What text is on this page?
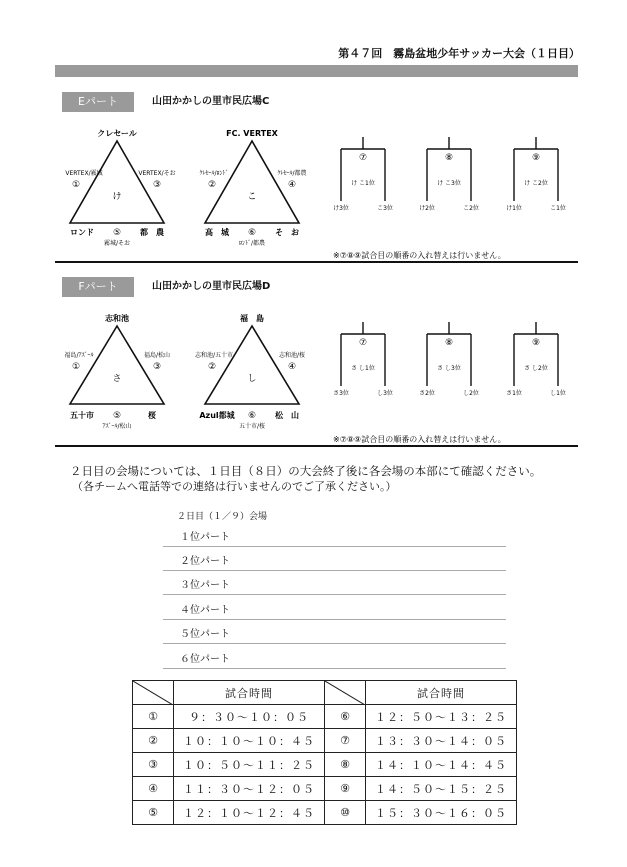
第４７回　霧島盆地少年サッカー大会（１日目）
Eパート	山田かかしの里市民広場C
クレセール
VERTEX/霧城
①
VERTEX/そお
③
け
ロンド ⑤ 都　農
霧城/そお
FC. VERTEX
ｸﾚｾｰﾙ/ﾛﾝﾄﾞ
②
ｸﾚｾｰﾙ/都農
④
こ
高　城 ⑥ そ　お
ﾛﾝﾄﾞ/都農
⑦
け こ1位
け3位	こ3位
⑧
け こ3位
け2位	こ2位
⑨
け こ2位
け1位	こ1位
※⑦⑧⑨試合目の順番の入れ替えは行いません。
Fパート	山田かかしの里市民広場D
志和池
福島/ｱｽﾞｰﾙ
①
福島/松山
③
さ
五十市 ⑤	桜
ｱｽﾞｰﾙ/松山
福　島
志和池/五十市
②
志和池/桜
④
し
Azul都城 ⑥ 松　山
五十市/桜
⑦
さ し1位
さ3位	し3位
⑧
さ し3位
さ2位	し2位
⑨
さ し2位
さ1位	し1位
※⑦⑧⑨試合目の順番の入れ替えは行いません。
２日目の会場については、１日目（８日）の大会終了後に各会場の本部にて確認ください。
（各チームへ電話等での連絡は行いませんのでご了承ください。）
２日目（１／９）会場
１位パート
２位パート
３位パート
４位パート
５位パート
６位パート
	試合時間		試合時間
①	９：３０～１０：０５	⑥	１２：５０～１３：２５
②	１０：１０～１０：４５	⑦	１３：３０～１４：０５
③	１０：５０～１１：２５	⑧	１４：１０～１４：４５
④	１１：３０～１２：０５	⑨	１４：５０～１５：２５
⑤	１２：１０～１２：４５	⑩	１５：３０～１６：０５
